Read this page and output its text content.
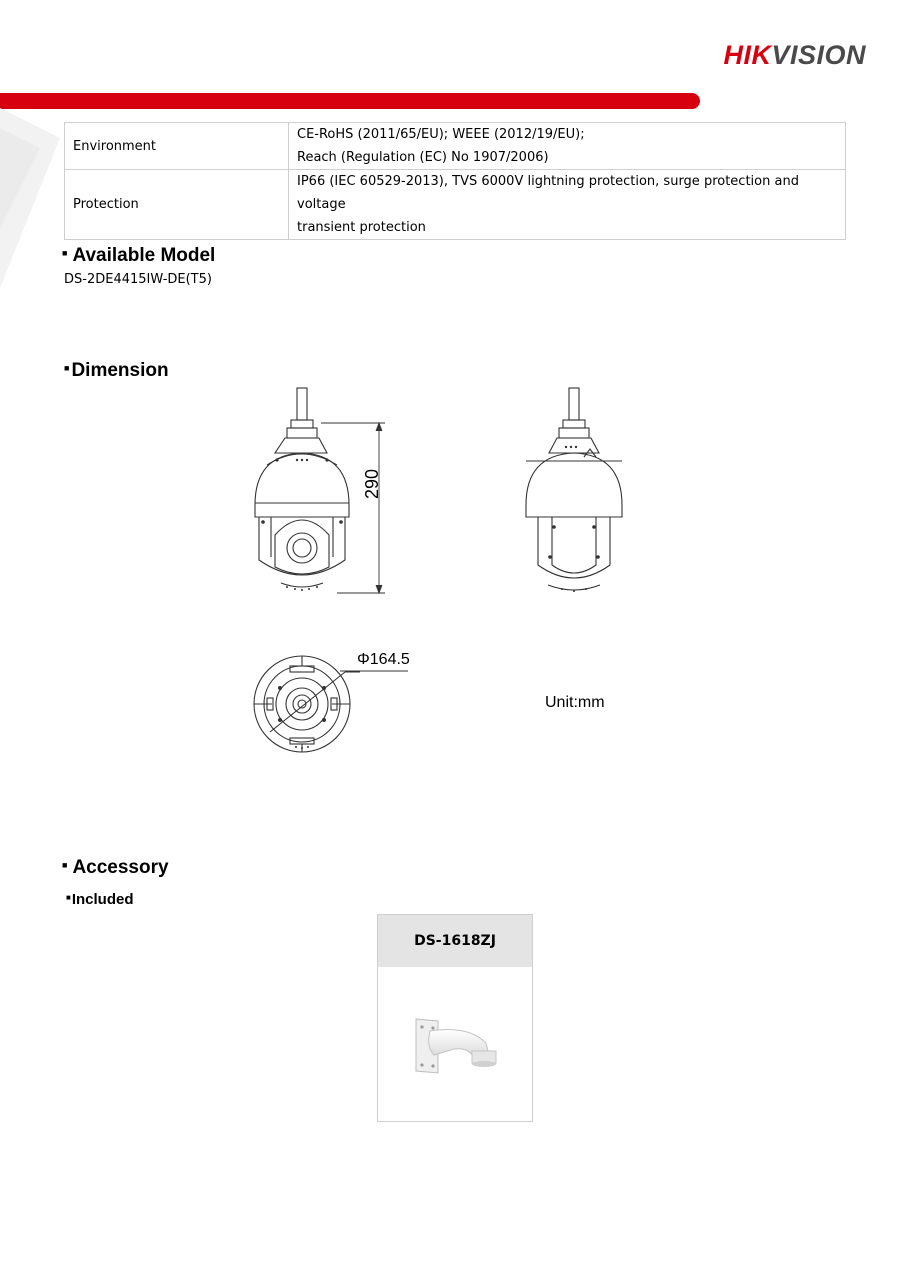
HIKVISION
Environment	CE-RoHS (2011/65/EU); WEEE (2012/19/EU);
Reach (Regulation (EC) No 1907/2006)

Protection	IP66 (IEC 60529-2013), TVS 6000V lightning protection, surge protection and voltage
transient protection
■ Available Model
DS-2DE4415IW-DE(T5)
■ Dimension
290
Φ164.5
Unit:mm
■ Accessory
■Included
DS-1618ZJ
